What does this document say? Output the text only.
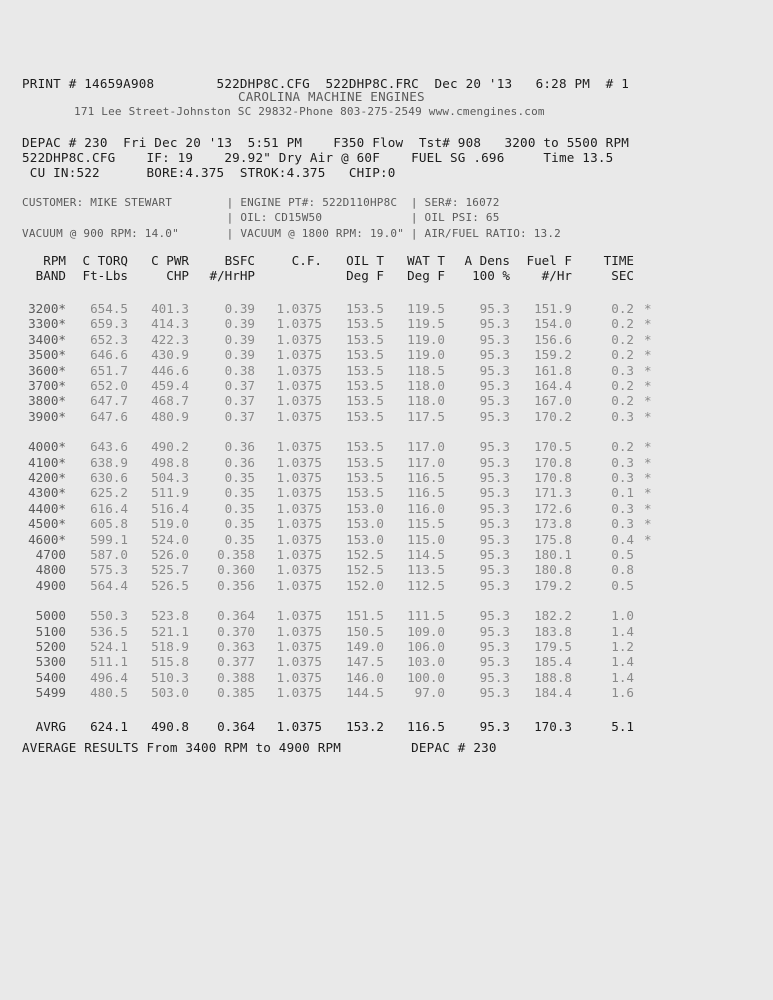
PRINT # 14659A908        522DHP8C.CFG  522DHP8C.FRC  Dec 20 '13   6:28 PM  # 1
CAROLINA MACHINE ENGINES
171 Lee Street-Johnston SC 29832-Phone 803-275-2549 www.cmengines.com
DEPAC # 230  Fri Dec 20 '13  5:51 PM    F350 Flow  Tst# 908   3200 to 5500 RPM
522DHP8C.CFG    IF: 19    29.92" Dry Air @ 60F    FUEL SG .696     Time 13.5
CU IN:522      BORE:4.375  STROK:4.375   CHIP:0
CUSTOMER: MIKE STEWART        | ENGINE PT#: 522D110HP8C  | SER#: 16072
| OIL: CD15W50             | OIL PSI: 65
VACUUM @ 900 RPM: 14.0"       | VACUUM @ 1800 RPM: 19.0" | AIR/FUEL RATIO: 13.2
RPM C TORQ C PWR	BSFC	C.F. OIL T WAT T A Dens Fuel F	TIME
BAND Ft-Lbs	CHP #/HrHP	Deg F Deg F 100 %	#/Hr	SEC
3200* 654.5 401.3	0.39 1.0375 153.5 119.5	95.3 151.9	0.2 *
3300* 659.3 414.3	0.39 1.0375 153.5 119.5	95.3 154.0	0.2 *
3400* 652.3 422.3	0.39 1.0375 153.5 119.0	95.3 156.6	0.2 *
3500* 646.6 430.9	0.39 1.0375 153.5 119.0	95.3 159.2	0.2 *
3600* 651.7 446.6	0.38 1.0375 153.5 118.5	95.3 161.8	0.3 *
3700* 652.0 459.4	0.37 1.0375 153.5 118.0	95.3 164.4	0.2 *
3800* 647.7 468.7	0.37 1.0375 153.5 118.0	95.3 167.0	0.2 *
3900* 647.6 480.9	0.37 1.0375 153.5 117.5	95.3 170.2	0.3 *
4000* 643.6 490.2	0.36 1.0375 153.5 117.0	95.3 170.5	0.2 *
4100* 638.9 498.8	0.36 1.0375 153.5 117.0	95.3 170.8	0.3 *
4200* 630.6 504.3	0.35 1.0375 153.5 116.5	95.3 170.8	0.3 *
4300* 625.2 511.9	0.35 1.0375 153.5 116.5	95.3 171.3	0.1 *
4400* 616.4 516.4	0.35 1.0375 153.0 116.0	95.3 172.6	0.3 *
4500* 605.8 519.0	0.35 1.0375 153.0 115.5	95.3 173.8	0.3 *
4600* 599.1 524.0	0.35 1.0375 153.0 115.0	95.3 175.8	0.4 *
4700 587.0 526.0 0.358 1.0375 152.5 114.5	95.3 180.1	0.5
4800 575.3 525.7 0.360 1.0375 152.5 113.5	95.3 180.8	0.8
4900 564.4 526.5 0.356 1.0375 152.0 112.5	95.3 179.2	0.5
5000 550.3 523.8 0.364 1.0375 151.5 111.5	95.3 182.2	1.0
5100 536.5 521.1 0.370 1.0375 150.5 109.0	95.3 183.8	1.4
5200 524.1 518.9 0.363 1.0375 149.0 106.0	95.3 179.5	1.2
5300 511.1 515.8 0.377 1.0375 147.5 103.0	95.3 185.4	1.4
5400 496.4 510.3 0.388 1.0375 146.0 100.0	95.3 188.8	1.4
5499 480.5 503.0 0.385 1.0375 144.5 97.0	95.3 184.4	1.6
AVRG 624.1 490.8 0.364 1.0375 153.2 116.5	95.3 170.3	5.1
AVERAGE RESULTS From 3400 RPM to 4900 RPM         DEPAC # 230
